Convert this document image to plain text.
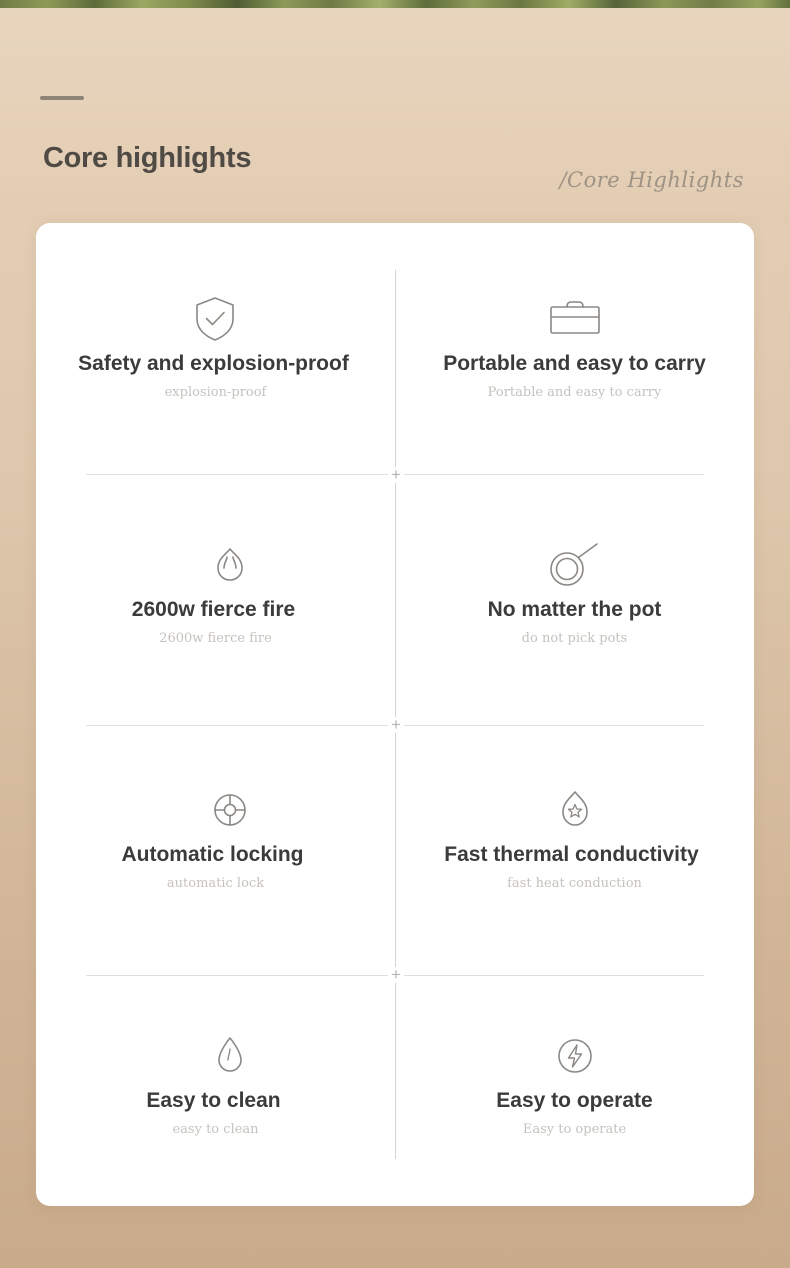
Core highlights
/Core Highlights
+
+
+
Safety and explosion-proof
explosion-proof
Portable and easy to carry
Portable and easy to carry
2600w fierce fire
2600w fierce fire
No matter the pot
do not pick pots
Automatic locking
automatic lock
Fast thermal conductivity
fast heat conduction
Easy to clean
easy to clean
Easy to operate
Easy to operate
